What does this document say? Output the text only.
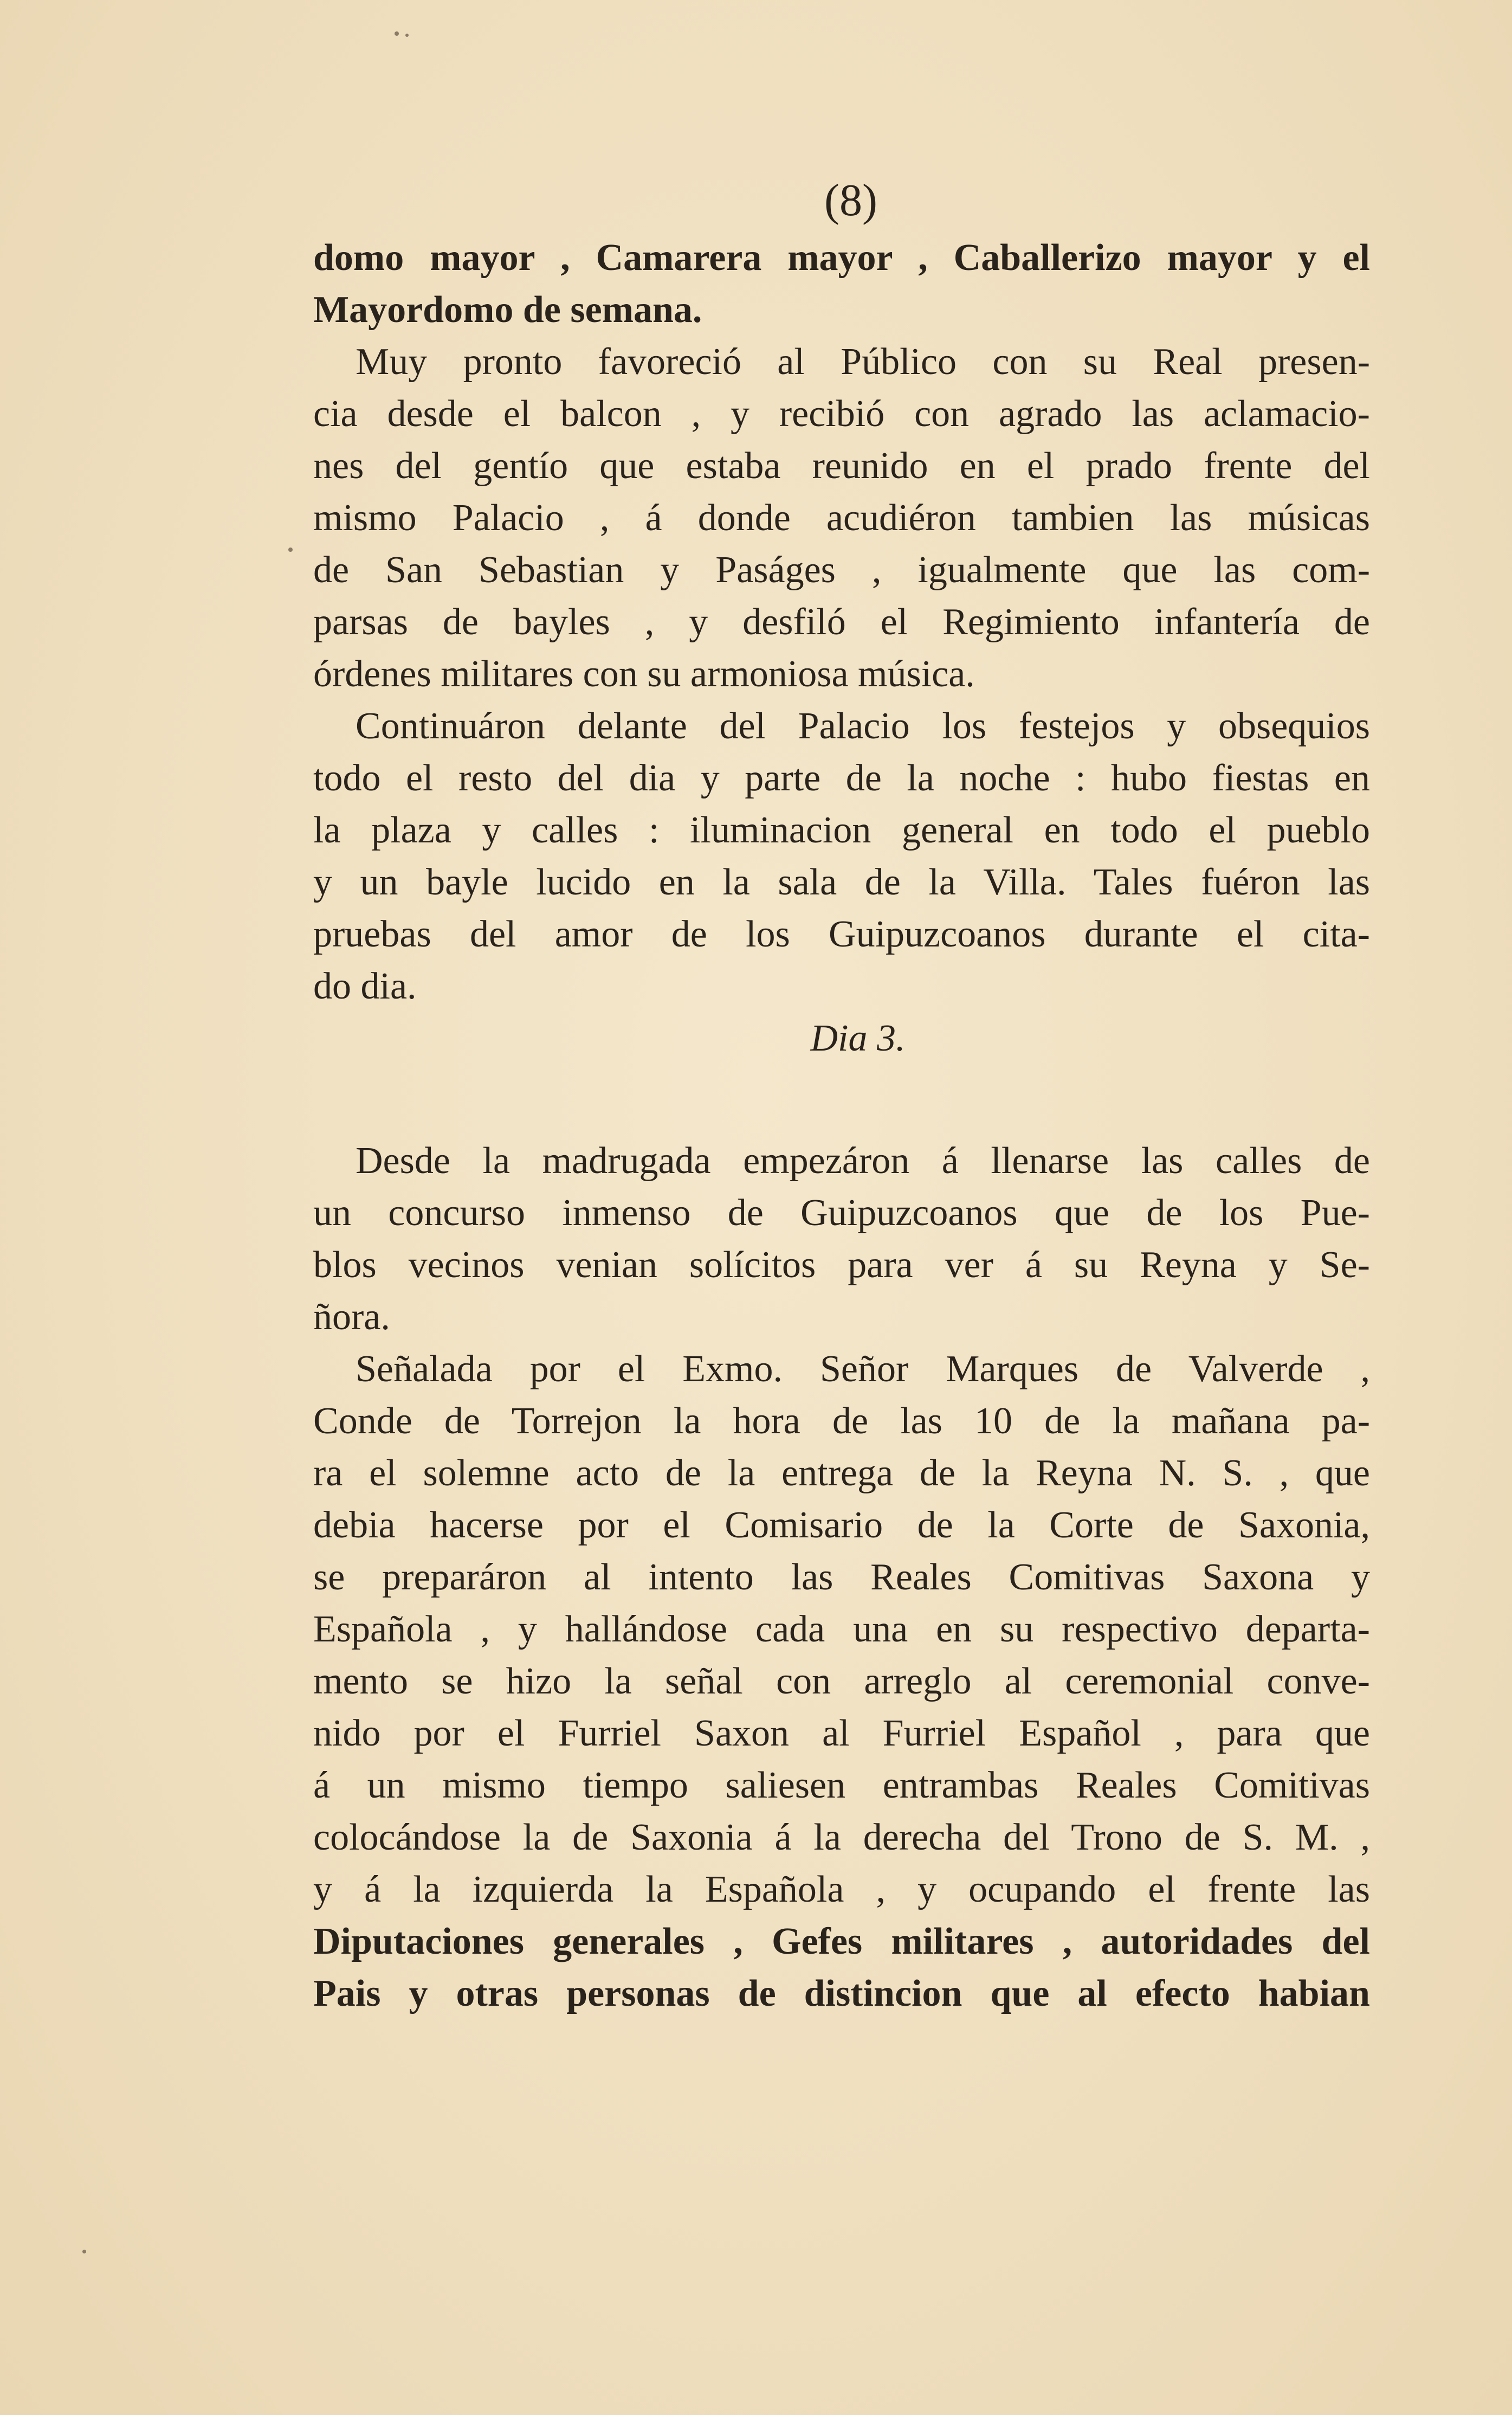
(8)
domo mayor , Camarera mayor , Caballerizo mayor y el
Mayordomo de semana.
Muy pronto favoreció al Público con su Real presen-
cia desde el balcon , y recibió con agrado las aclamacio-
nes del gentío que estaba reunido en el prado frente del
mismo Palacio , á donde acudiéron tambien las músicas
de San Sebastian y Paságes , igualmente que las com-
parsas de bayles , y desfiló el Regimiento infantería de
órdenes militares con su armoniosa música.
Continuáron delante del Palacio los festejos y obsequios
todo el resto del dia y parte de la noche : hubo fiestas en
la plaza y calles : iluminacion general en todo el pueblo
y un bayle lucido en la sala de la Villa. Tales fuéron las
pruebas del amor de los Guipuzcoanos durante el cita-
do dia.
Dia 3.
Desde la madrugada empezáron á llenarse las calles de
un concurso inmenso de Guipuzcoanos que de los Pue-
blos vecinos venian solícitos para ver á su Reyna y Se-
ñora.
Señalada por el Exmo. Señor Marques de Valverde ,
Conde de Torrejon la hora de las 10 de la mañana pa-
ra el solemne acto de la entrega de la Reyna N. S. , que
debia hacerse por el Comisario de la Corte de Saxonia,
se preparáron al intento las Reales Comitivas Saxona y
Española , y hallándose cada una en su respectivo departa-
mento se hizo la señal con arreglo al ceremonial conve-
nido por el Furriel Saxon al Furriel Español , para que
á un mismo tiempo saliesen entrambas Reales Comitivas
colocándose la de Saxonia á la derecha del Trono de S. M. ,
y á la izquierda la Española , y ocupando el frente las
Diputaciones generales , Gefes militares , autoridades del
Pais y otras personas de distincion que al efecto habian
